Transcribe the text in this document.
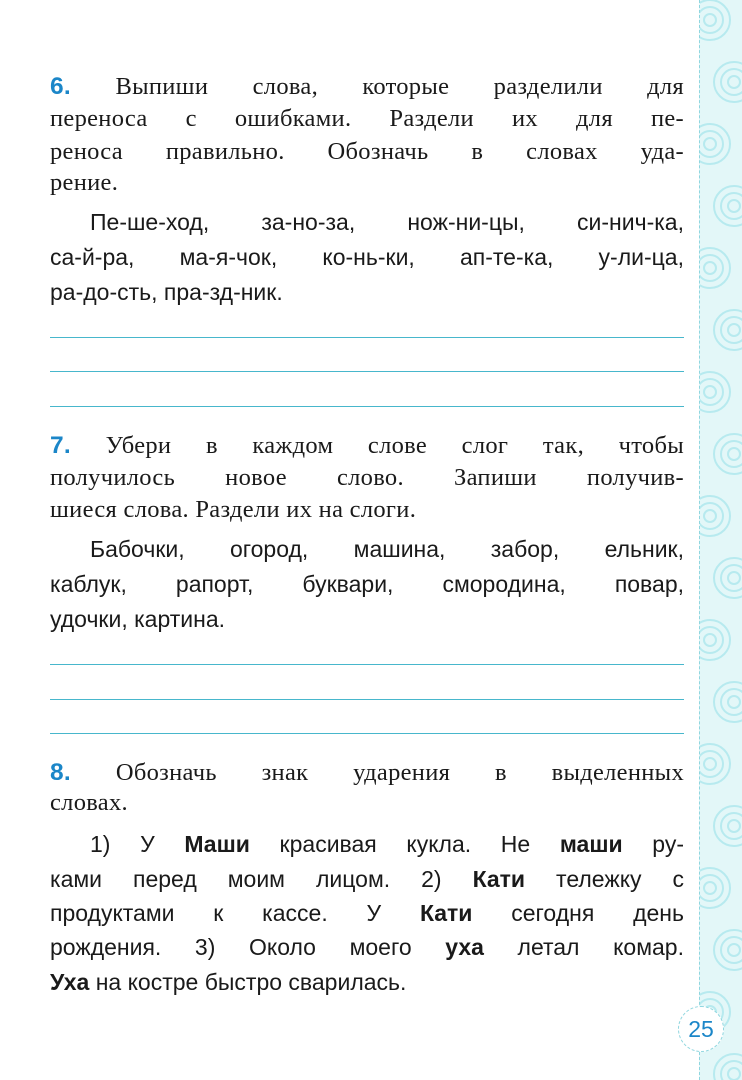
25
6. Выпиши слова, которые разделили для
переноса с ошибками. Раздели их для пе-
реноса правильно. Обозначь в словах уда-
рение.
Пе-ше-ход, за-но-за, нож-ни-цы, си-нич-ка,
са-й-ра, ма-я-чок, ко-нь-ки, ап-те-ка, у-ли-ца,
ра-до-сть, пра-зд-ник.
7. Убери в каждом слове слог так, чтобы
получилось новое слово. Запиши получив-
шиеся слова. Раздели их на слоги.
Бабочки, огород, машина, забор, ельник,
каблук, рапорт, буквари, смородина, повар,
удочки, картина.
8. Обозначь знак ударения в выделенных
словах.
1) У Маши красивая кукла. Не маши ру-
ками перед моим лицом. 2) Кати тележку с
продуктами к кассе. У Кати сегодня день
рождения. 3) Около моего уха летал комар.
Уха на костре быстро сварилась.
